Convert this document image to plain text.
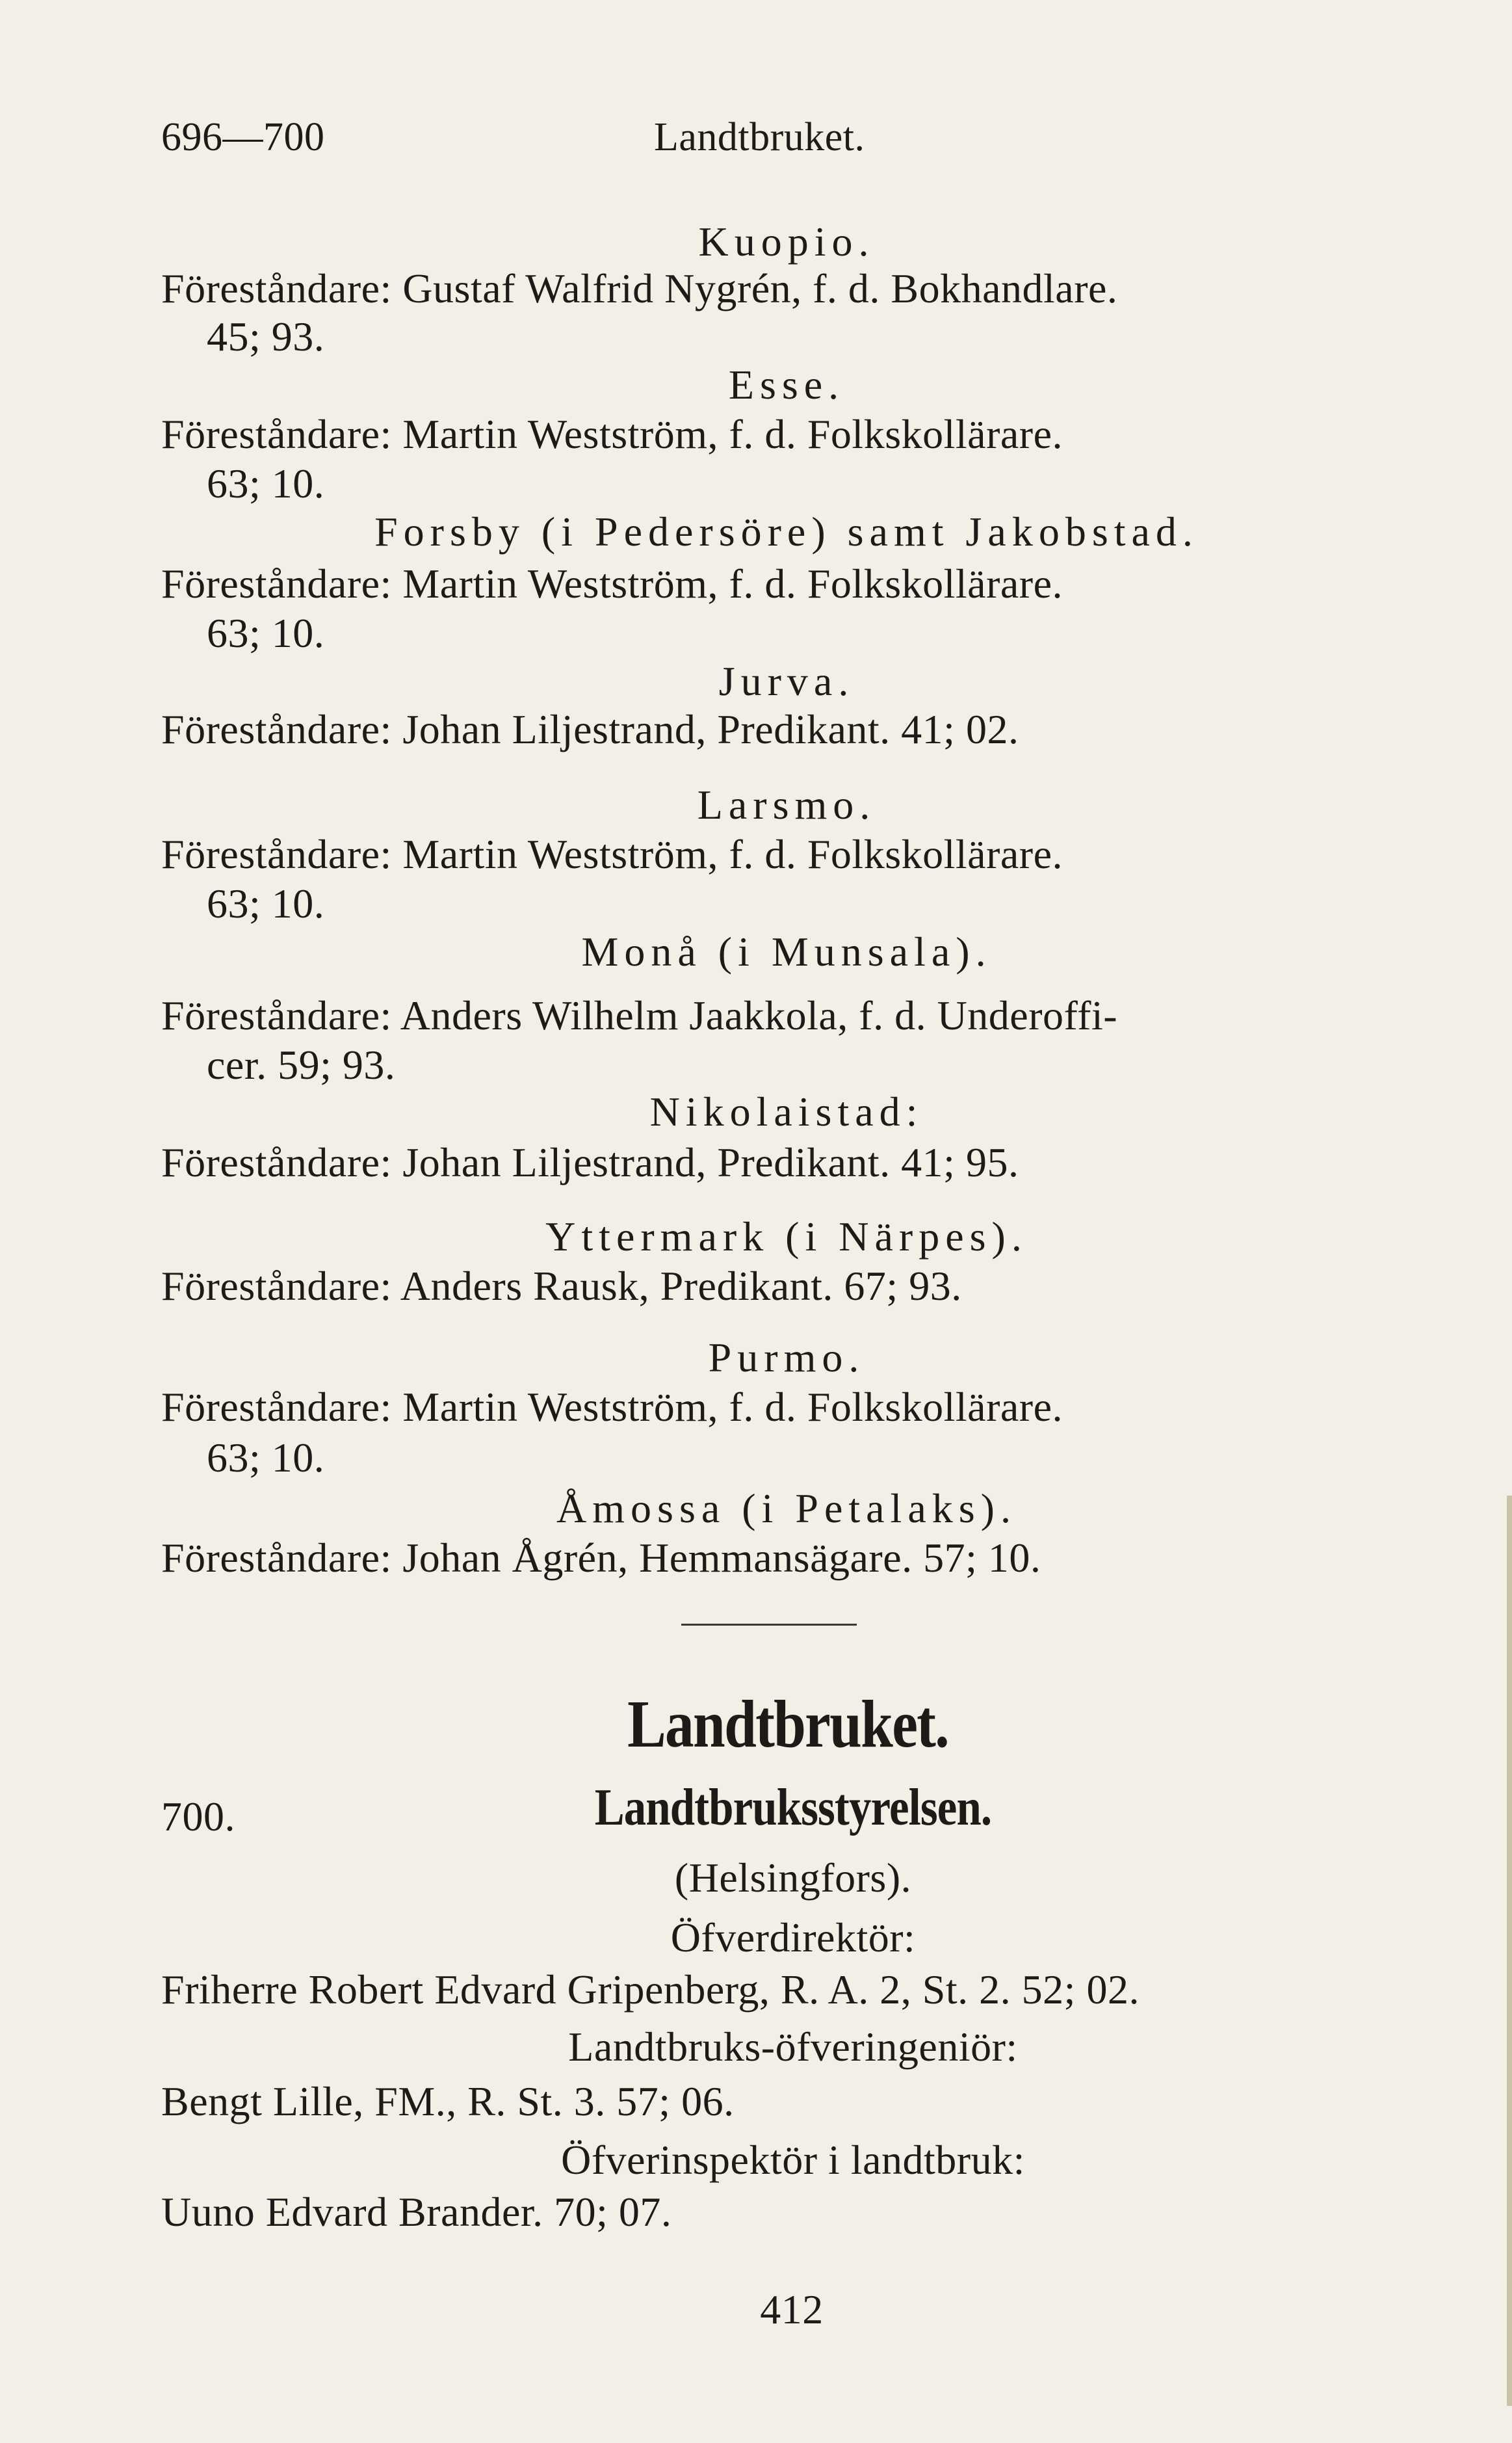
696—700	Landtbruket.
Kuopio.
Föreståndare: Gustaf Walfrid Nygrén, f. d. Bokhandlare.
45; 93.
Esse.
Föreståndare: Martin Westström, f. d. Folkskollärare.
63; 10.
Forsby (i Pedersöre) samt Jakobstad.
Föreståndare: Martin Westström, f. d. Folkskollärare.
63; 10.
Jurva.
Föreståndare: Johan Liljestrand, Predikant. 41; 02.
Larsmo.
Föreståndare: Martin Westström, f. d. Folkskollärare.
63; 10.
Monå (i Munsala).
Föreståndare: Anders Wilhelm Jaakkola, f. d. Underoffi-
cer. 59; 93.
Nikolaistad:
Föreståndare: Johan Liljestrand, Predikant. 41; 95.
Yttermark (i Närpes).
Föreståndare: Anders Rausk, Predikant. 67; 93.
Purmo.
Föreståndare: Martin Westström, f. d. Folkskollärare.
63; 10.
Åmossa (i Petalaks).
Föreståndare: Johan Ågrén, Hemmansägare. 57; 10.
Landtbruket.
700.	Landtbruksstyrelsen.
(Helsingfors).
Öfverdirektör:
Friherre Robert Edvard Gripenberg, R. A. 2, St. 2. 52; 02.
Landtbruks-öfveringeniör:
Bengt Lille, FM., R. St. 3. 57; 06.
Öfverinspektör i landtbruk:
Uuno Edvard Brander. 70; 07.
412
